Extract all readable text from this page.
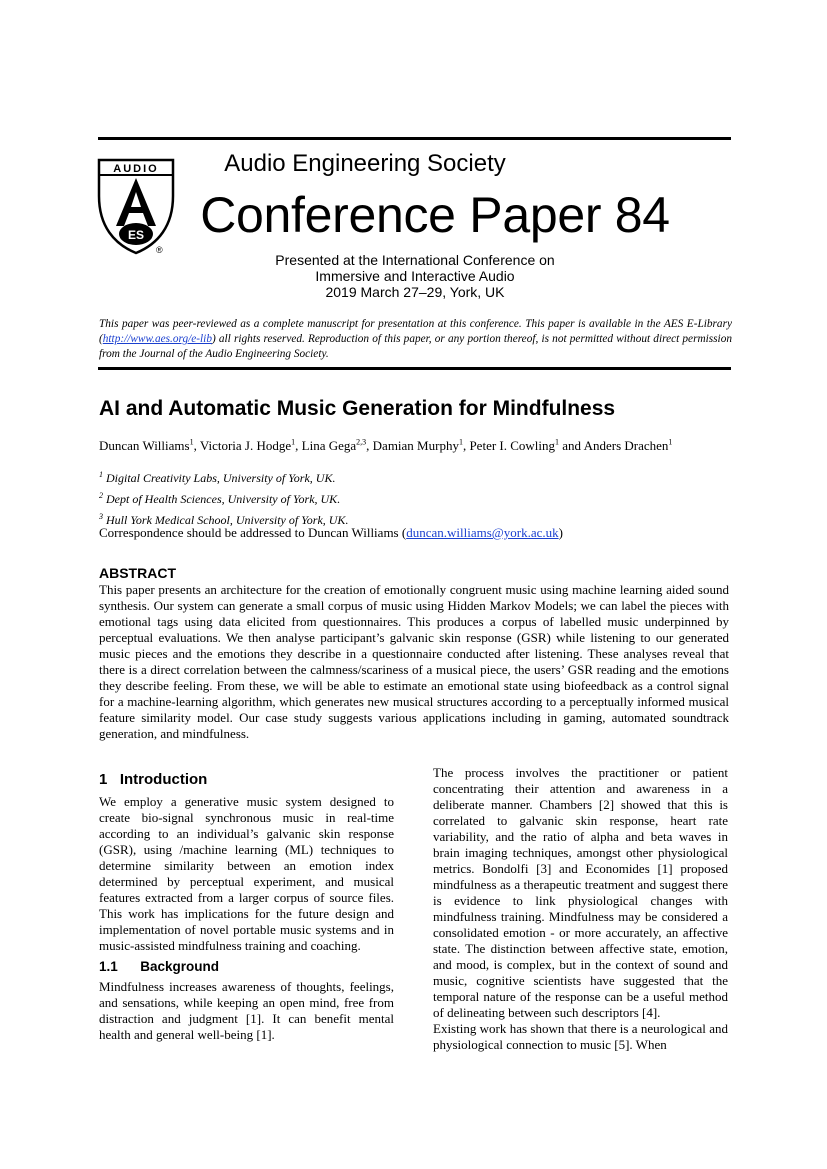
AUDIO
ES
®
Audio Engineering Society
Conference Paper 84
Presented at the International Conference on
Immersive and Interactive Audio
2019 March 27–29, York, UK
This paper was peer-reviewed as a complete manuscript for presentation at this conference. This paper is available in the AES E-Library (http://www.aes.org/e-lib) all rights reserved. Reproduction of this paper, or any portion thereof, is not permitted without direct permission from the Journal of the Audio Engineering Society.
AI and Automatic Music Generation for Mindfulness
Duncan Williams$^1$, Victoria J. Hodge$^1$, Lina Gega$^{2,3}$, Damian Murphy$^1$, Peter I. Cowling$^1$ and Anders Drachen$^1$
$^1$ Digital Creativity Labs, University of York, UK.
$^2$ Dept of Health Sciences, University of York, UK.
$^3$ Hull York Medical School, University of York, UK.
Correspondence should be addressed to Duncan Williams (duncan.williams@york.ac.uk)
ABSTRACT
This paper presents an architecture for the creation of emotionally congruent music using machine learning aided sound synthesis. Our system can generate a small corpus of music using Hidden Markov Models; we can label the pieces with emotional tags using data elicited from questionnaires. This produces a corpus of labelled music underpinned by perceptual evaluations. We then analyse participant’s galvanic skin response (GSR) while listening to our generated music pieces and the emotions they describe in a questionnaire conducted after listening. These analyses reveal that there is a direct correlation between the calmness/scariness of a musical piece, the users’ GSR reading and the emotions they describe feeling. From these, we will be able to estimate an emotional state using biofeedback as a control signal for a machine-learning algorithm, which generates new musical structures according to a perceptually informed musical feature similarity model. Our case study suggests various applications including in gaming, automated soundtrack generation, and mindfulness.
1   Introduction

We employ a generative music system designed to create bio-signal synchronous music in real-time according to an individual’s galvanic skin response (GSR), using /machine learning (ML) techniques to determine similarity between an emotion index determined by perceptual experiment, and musical features extracted from a larger corpus of source files. This work has implications for the future design and implementation of novel portable music systems and in music-assisted mindfulness training and coaching.

1.1      Background

Mindfulness increases awareness of thoughts, feelings, and sensations, while keeping an open mind, free from distraction and judgment [1]. It can benefit mental health and general well-being [1].

The process involves the practitioner or patient concentrating their attention and awareness in a deliberate manner. Chambers [2] showed that this is correlated to galvanic skin response, heart rate variability, and the ratio of alpha and beta waves in brain imaging techniques, amongst other physiological metrics. Bondolfi [3] and Economides [1] proposed mindfulness as a therapeutic treatment and suggest there is evidence to link physiological changes with mindfulness training. Mindfulness may be considered a consolidated emotion - or more accurately, an affective state. The distinction between affective state, emotion, and mood, is complex, but in the context of sound and music, cognitive scientists have suggested that the temporal nature of the response can be a useful method of delineating between such descriptors [4].

Existing work has shown that there is a neurological and physiological connection to music [5]. When
